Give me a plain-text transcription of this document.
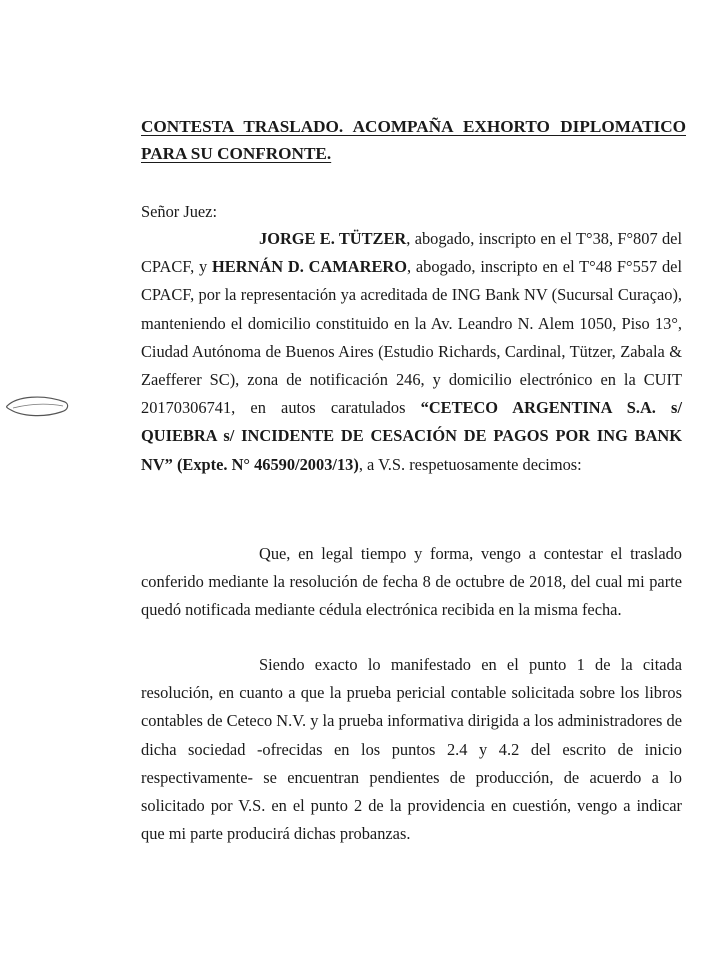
CONTESTA TRASLADO. ACOMPAÑA EXHORTO DIPLOMATICO
PARA SU CONFRONTE.
Señor Juez:
JORGE E. TÜTZER, abogado, inscripto en el T°38, F°807 del CPACF, y HERNÁN D. CAMARERO, abogado, inscripto en el T°48 F°557 del CPACF, por la representación ya acreditada de ING Bank NV (Sucursal Curaçao), manteniendo el domicilio constituido en la Av. Leandro N. Alem 1050, Piso 13°, Ciudad Autónoma de Buenos Aires (Estudio Richards, Cardinal, Tützer, Zabala & Zaefferer SC), zona de notificación 246, y domicilio electrónico en la CUIT 20170306741, en autos caratulados “CETECO ARGENTINA S.A. s/ QUIEBRA s/ INCIDENTE DE CESACIÓN DE PAGOS POR ING BANK NV” (Expte. N° 46590/2003/13), a V.S. respetuosamente decimos:
Que, en legal tiempo y forma, vengo a contestar el traslado conferido mediante la resolución de fecha 8 de octubre de 2018, del cual mi parte quedó notificada mediante cédula electrónica recibida en la misma fecha.
Siendo exacto lo manifestado en el punto 1 de la citada resolución, en cuanto a que la prueba pericial contable solicitada sobre los libros contables de Ceteco N.V. y la prueba informativa dirigida a los administradores de dicha sociedad -ofrecidas en los puntos 2.4 y 4.2 del escrito de inicio respectivamente- se encuentran pendientes de producción, de acuerdo a lo solicitado por V.S. en el punto 2 de la providencia en cuestión, vengo a indicar que mi parte producirá dichas probanzas.
